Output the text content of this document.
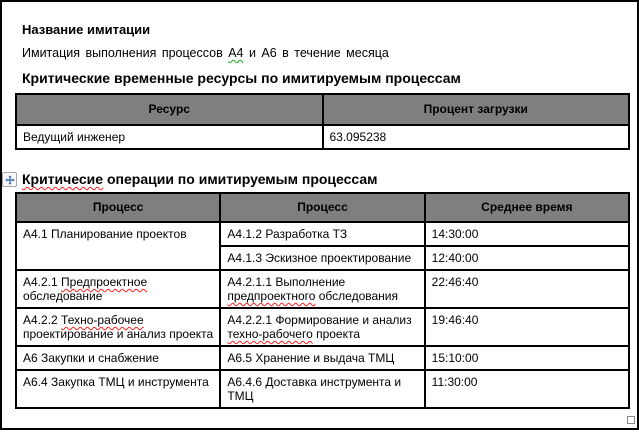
Название имитации

Имитация выполнения процессов А4 и А6 в течение месяца

Критические временные ресурсы по имитируемым процессам
Ресурс	Процент загрузки
Ведущий инженер	63.095238
Критичесие операции по имитируемым процессам
Процесс	Процесс	Среднее время
А4.1 Планирование проектов	А4.1.2 Разработка ТЗ	14:30:00
	А4.1.3 Эскизное проектирование	12:40:00
А4.2.1 Предпроектное обследование	А4.2.1.1 Выполнение предпроектного обследования	22:46:40
А4.2.2 Техно-рабочее проектирование и анализ проекта	А4.2.2.1 Формирование и анализ техно-рабочего проекта	19:46:40
А6 Закупки и снабжение	А6.5 Хранение и выдача ТМЦ	15:10:00
А6.4 Закупка ТМЦ и инструмента	А6.4.6 Доставка инструмента и ТМЦ	11:30:00
